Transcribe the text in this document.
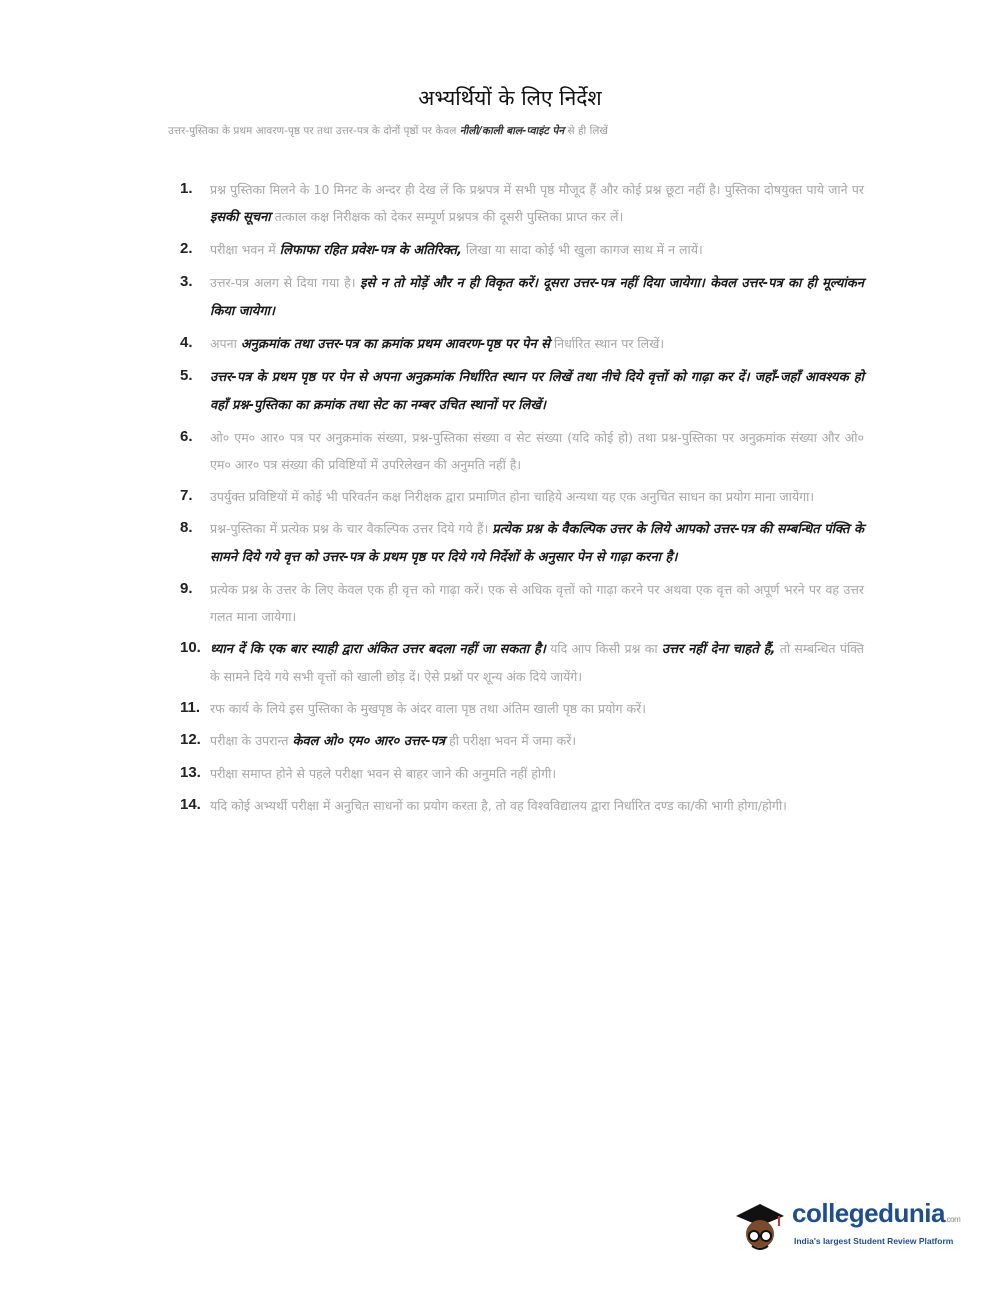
अभ्यर्थियों के लिए निर्देश
उत्तर-पुस्तिका के प्रथम आवरण-पृष्ठ पर तथा उत्तर-पत्र के दोनों पृष्ठों पर केवल नीली/काली बाल-प्वाइंट पेन से ही लिखें
1.	प्रश्न पुस्तिका मिलने के 10 मिनट के अन्दर ही देख लें कि प्रश्नपत्र में सभी पृष्ठ मौजूद हैं और कोई प्रश्न छूटा नहीं है। पुस्तिका दोषयुक्त पाये जाने पर इसकी सूचना तत्काल कक्ष निरीक्षक को देकर सम्पूर्ण प्रश्नपत्र की दूसरी पुस्तिका प्राप्त कर लें।
2.	परीक्षा भवन में लिफाफा रहित प्रवेश-पत्र के अतिरिक्त, लिखा या सादा कोई भी खुला कागज साथ में न लायें।
3.	उत्तर-पत्र अलग से दिया गया है। इसे न तो मोड़ें और न ही विकृत करें। दूसरा उत्तर-पत्र नहीं दिया जायेगा। केवल उत्तर-पत्र का ही मूल्यांकन किया जायेगा।
4.	अपना अनुक्रमांक तथा उत्तर-पत्र का क्रमांक प्रथम आवरण-पृष्ठ पर पेन से निर्धारित स्थान पर लिखें।
5.	उत्तर-पत्र के प्रथम पृष्ठ पर पेन से अपना अनुक्रमांक निर्धारित स्थान पर लिखें तथा नीचे दिये वृत्तों को गाढ़ा कर दें। जहाँ-जहाँ आवश्यक हो वहाँ प्रश्न-पुस्तिका का क्रमांक तथा सेट का नम्बर उचित स्थानों पर लिखें।
6.	ओ० एम० आर० पत्र पर अनुक्रमांक संख्या, प्रश्न-पुस्तिका संख्या व सेट संख्या (यदि कोई हो) तथा प्रश्न-पुस्तिका पर अनुक्रमांक संख्या और ओ० एम० आर० पत्र संख्या की प्रविष्टियों में उपरिलेखन की अनुमति नहीं है।
7.	उपर्युक्त प्रविष्टियों में कोई भी परिवर्तन कक्ष निरीक्षक द्वारा प्रमाणित होना चाहिये अन्यथा यह एक अनुचित साधन का प्रयोग माना जायेगा।
8.	प्रश्न-पुस्तिका में प्रत्येक प्रश्न के चार वैकल्पिक उत्तर दिये गये हैं। प्रत्येक प्रश्न के वैकल्पिक उत्तर के लिये आपको उत्तर-पत्र की सम्बन्धित पंक्ति के सामने दिये गये वृत्त को उत्तर-पत्र के प्रथम पृष्ठ पर दिये गये निर्देशों के अनुसार पेन से गाढ़ा करना है।
9.	प्रत्येक प्रश्न के उत्तर के लिए केवल एक ही वृत्त को गाढ़ा करें। एक से अधिक वृत्तों को गाढ़ा करने पर अथवा एक वृत्त को अपूर्ण भरने पर वह उत्तर गलत माना जायेगा।
10. ध्यान दें कि एक बार स्याही द्वारा अंकित उत्तर बदला नहीं जा सकता है। यदि आप किसी प्रश्न का उत्तर नहीं देना चाहते हैं, तो सम्बन्धित पंक्ति के सामने दिये गये सभी वृत्तों को खाली छोड़ दें। ऐसे प्रश्नों पर शून्य अंक दिये जायेंगे।
11. रफ कार्य के लिये इस पुस्तिका के मुखपृष्ठ के अंदर वाला पृष्ठ तथा अंतिम खाली पृष्ठ का प्रयोग करें।
12. परीक्षा के उपरान्त केवल ओ० एम० आर० उत्तर-पत्र ही परीक्षा भवन में जमा करें।
13. परीक्षा समाप्त होने से पहले परीक्षा भवन से बाहर जाने की अनुमति नहीं होगी।
14. यदि कोई अभ्यर्थी परीक्षा में अनुचित साधनों का प्रयोग करता है, तो वह विश्वविद्यालय द्वारा निर्धारित दण्ड का/की भागी होगा/होगी।
collegedunia.com
India's largest Student Review Platform
